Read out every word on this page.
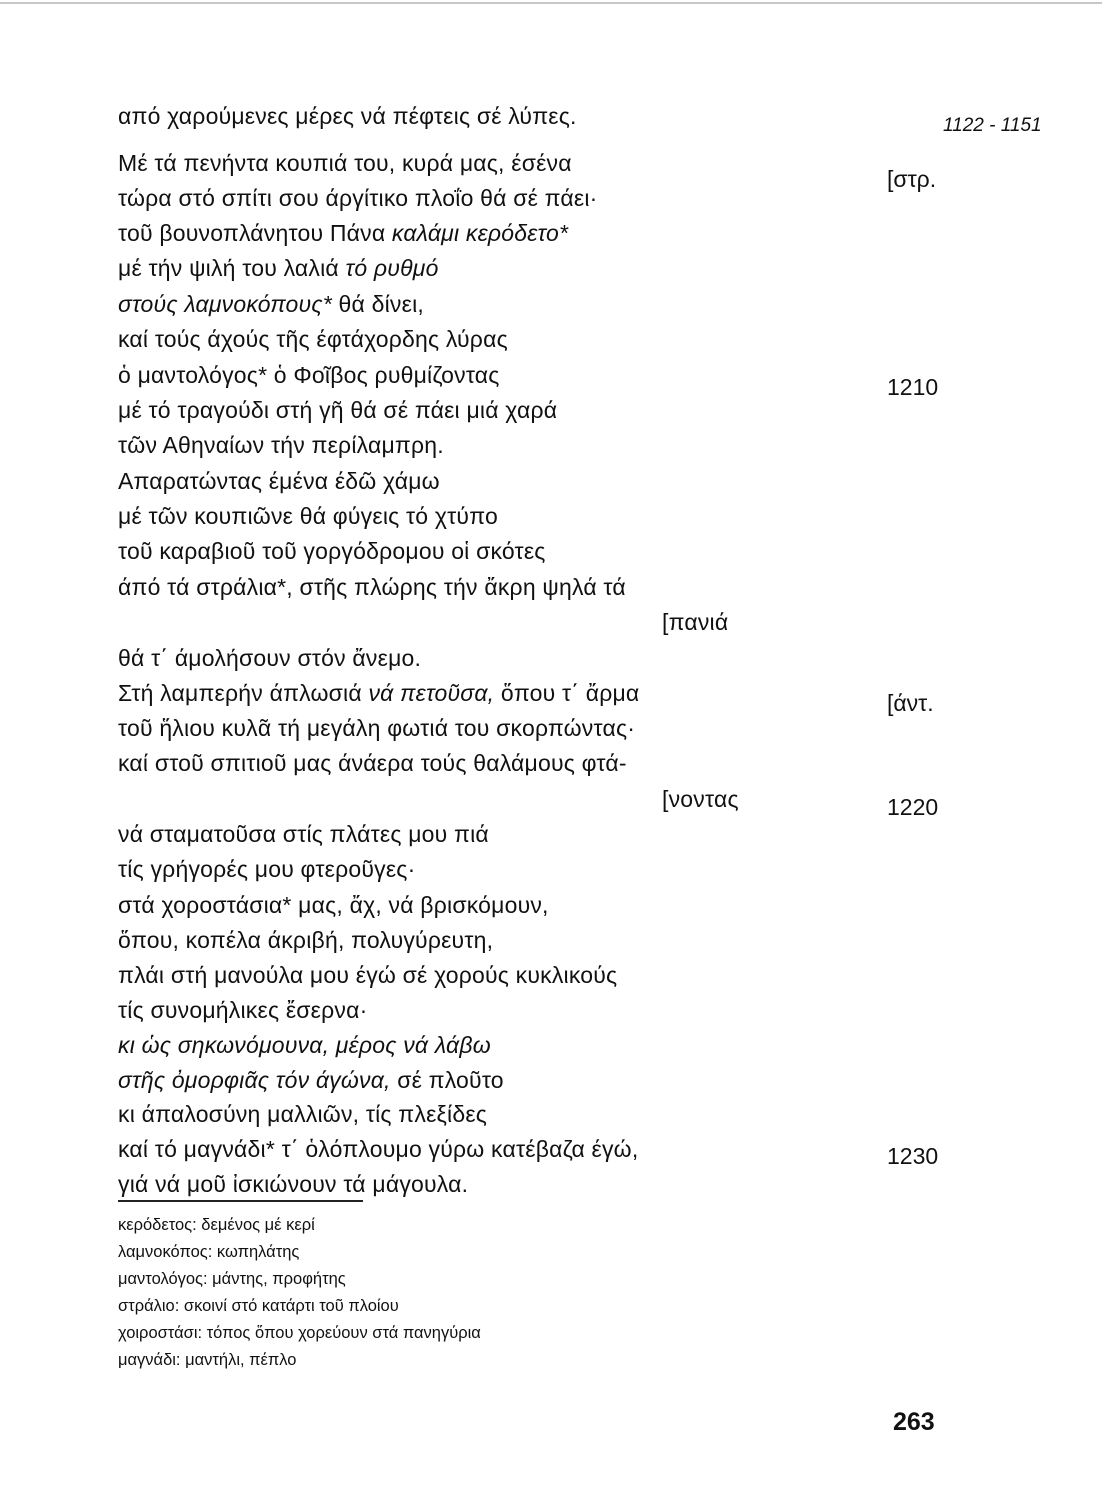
1122 - 1151
από χαρούμενες μέρες νά πέφτεις σέ λύπες.
Μέ τά πενήντα κουπιά του, κυρά μας, έσένα
τώρα στό σπίτι σου άργίτικο πλοΐο θά σέ πάει·
τοῦ βουνοπλάνητου Πάνα καλάμι κερόδετο*
μέ τήν ψιλή του λαλιά τό ρυθμό
στούς λαμνοκόπους* θά δίνει,
καί τούς άχούς τῆς έφτάχορδης λύρας
ὁ μαντολόγος* ὁ Φοῖβος ρυθμίζοντας
μέ τό τραγούδι στή γῆ θά σέ πάει μιά χαρά
τῶν Αθηναίων τήν περίλαμπρη.
Απαρατώντας έμένα έδῶ χάμω
μέ τῶν κουπιῶνε θά φύγεις τό χτύπο
τοῦ καραβιοῦ τοῦ γοργόδρομου οἱ σκότες
άπό τά στράλια*, στῆς πλώρης τήν ἄκρη ψηλά τά
[πανιά
θά τ΄ άμολήσουν στόν ἄνεμο.
Στή λαμπερήν άπλωσιά νά πετοῦσα, ὅπου τ΄ ἄρμα
τοῦ ἥλιου κυλᾶ τή μεγάλη φωτιά του σκορπώντας·
καί στοῦ σπιτιοῦ μας άνάερα τούς θαλάμους φτά-
[νοντας
νά σταματοῦσα στίς πλάτες μου πιά
τίς γρήγορές μου φτεροῦγες·
στά χοροστάσια* μας, ἄχ, νά βρισκόμουν,
ὅπου, κοπέλα άκριβή, πολυγύρευτη,
πλάι στή μανούλα μου έγώ σέ χορούς κυκλικούς
τίς συνομήλικες ἔσερνα·
κι ὡς σηκωνόμουνα, μέρος νά λάβω
στῆς ὀμορφιᾶς τόν άγώνα, σέ πλοῦτο
κι άπαλοσύνη μαλλιῶν, τίς πλεξίδες
καί τό μαγνάδι* τ΄ ὁλόπλουμο γύρω κατέβαζα έγώ,
γιά νά μοῦ ἰσκιώνουν τά μάγουλα.
[στρ.
[άντ.
1210
1220
1230
κερόδετος: δεμένος μέ κερί
λαμνοκόπος: κωπηλάτης
μαντολόγος: μάντης, προφήτης
στράλιο: σκοινί στό κατάρτι τοῦ πλοίου
χοιροστάσι: τόπος ὅπου χορεύουν στά πανηγύρια
μαγνάδι: μαντήλι, πέπλο
263
